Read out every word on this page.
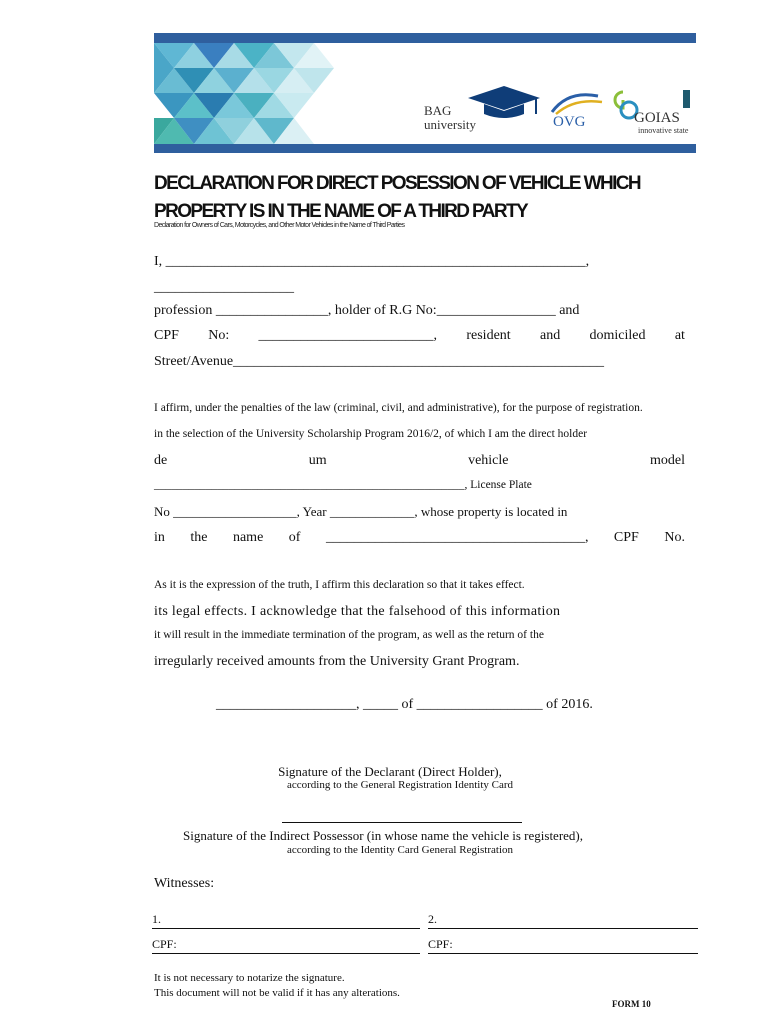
BAG
university	OVG	GOIAS
innovative state
DECLARATION FOR DIRECT POSESSION OF VEHICLE WHICH
PROPERTY IS IN THE NAME OF A THIRD PARTY
Declaration for Owners of Cars, Motorcycles, and Other Motor Vehicles in the Name of Third Parties
I, ____________________________________________________________,
____________________
profession ________________, holder of R.G No:_________________ and
CPF No: _________________________, resident and domiciled at
Street/Avenue_____________________________________________________
I affirm, under the penalties of the law (criminal, civil, and administrative), for the purpose of registration.
in the selection of the University Scholarship Program 2016/2, of which I am the direct holder
de	um	vehicle	model
______________________________________________________, License Plate
No ___________________, Year _____________, whose property is located in
in the name of _____________________________________, CPF No.
As it is the expression of the truth, I affirm this declaration so that it takes effect.
its legal effects. I acknowledge that the falsehood of this information
it will result in the immediate termination of the program, as well as the return of the
irregularly received amounts from the University Grant Program.
____________________, _____ of __________________ of 2016.
Signature of the Declarant (Direct Holder),
according to the General Registration Identity Card
Signature of the Indirect Possessor (in whose name the vehicle is registered),
according to the Identity Card General Registration
Witnesses:
1.	2.
CPF:	CPF:
It is not necessary to notarize the signature.
This document will not be valid if it has any alterations.
FORM 10
